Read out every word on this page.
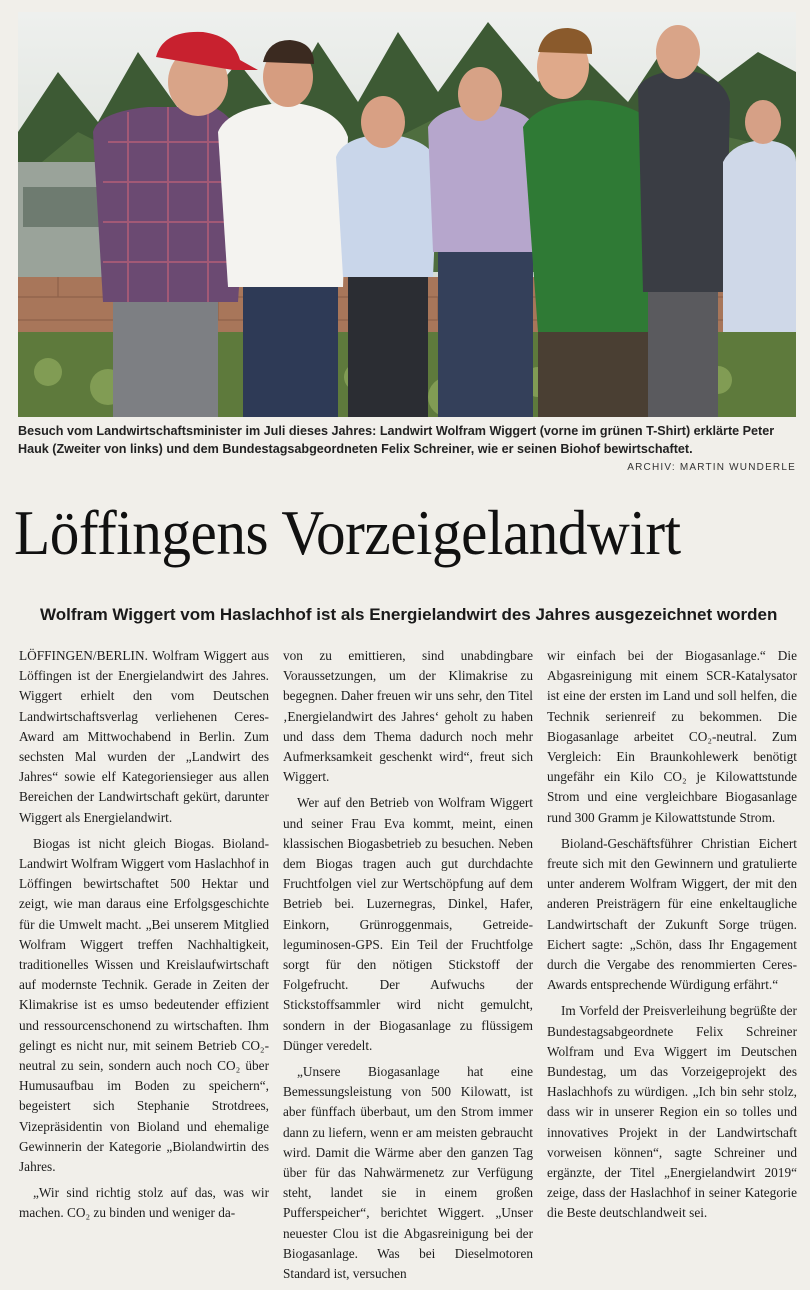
Besuch vom Landwirtschaftsminister im Juli dieses Jahres: Landwirt Wolfram Wiggert (vorne im grünen T-Shirt) erklärte Peter Hauk (Zweiter von links) und dem Bundestagsabgeordneten Felix Schreiner, wie er seinen Biohof bewirtschaftet.
ARCHIV: MARTIN WUNDERLE
Löffingens Vorzeigelandwirt
Wolfram Wiggert vom Haslachhof ist als Energielandwirt des Jahres ausgezeichnet worden

LÖFFINGEN/BERLIN. Wolfram Wiggert aus Löffingen ist der Energielandwirt des Jahres. Wiggert erhielt den vom Deutschen Landwirtschaftsverlag verliehenen Ceres-Award am Mittwochabend in Berlin. Zum sechsten Mal wurden der „Landwirt des Jahres“ sowie elf Kategoriensieger aus allen Bereichen der Landwirtschaft gekürt, darunter Wiggert als Energielandwirt.

Biogas ist nicht gleich Biogas. Bioland-Landwirt Wolfram Wiggert vom Haslachhof in Löffingen bewirtschaftet 500 Hektar und zeigt, wie man daraus eine Erfolgsgeschichte für die Umwelt macht. „Bei unserem Mitglied Wolfram Wiggert treffen Nachhaltigkeit, traditionelles Wissen und Kreislaufwirtschaft auf modernste Technik. Gerade in Zeiten der Klimakrise ist es umso bedeutender effizient und ressourcenschonend zu wirtschaften. Ihm gelingt es nicht nur, mit seinem Betrieb CO₂-neutral zu sein, sondern auch noch CO₂ über Humusaufbau im Boden zu speichern“, begeistert sich Stephanie Strotdrees, Vizepräsidentin von Bioland und ehemalige Gewinnerin der Kategorie „Biolandwirtin des Jahres.

„Wir sind richtig stolz auf das, was wir machen. CO₂ zu binden und weniger da-

von zu emittieren, sind unabdingbare Voraussetzungen, um der Klimakrise zu begegnen. Daher freuen wir uns sehr, den Titel ‚Energielandwirt des Jahres‘ geholt zu haben und dass dem Thema dadurch noch mehr Aufmerksamkeit geschenkt wird“, freut sich Wiggert.

Wer auf den Betrieb von Wolfram Wiggert und seiner Frau Eva kommt, meint, einen klassischen Biogasbetrieb zu besuchen. Neben dem Biogas tragen auch gut durchdachte Fruchtfolgen viel zur Wertschöpfung auf dem Betrieb bei. Luzernegras, Dinkel, Hafer, Einkorn, Grünroggenmais, Getreide-leguminosen-GPS. Ein Teil der Fruchtfolge sorgt für den nötigen Stickstoff der Folgefrucht. Der Aufwuchs der Stickstoffsammler wird nicht gemulcht, sondern in der Biogasanlage zu flüssigem Dünger veredelt.

„Unsere Biogasanlage hat eine Bemessungsleistung von 500 Kilowatt, ist aber fünffach überbaut, um den Strom immer dann zu liefern, wenn er am meisten gebraucht wird. Damit die Wärme aber den ganzen Tag über für das Nahwärmenetz zur Verfügung steht, landet sie in einem großen Pufferspeicher“, berichtet Wiggert. „Unser neuester Clou ist die Abgasreinigung bei der Biogasanlage. Was bei Dieselmotoren Standard ist, versuchen

wir einfach bei der Biogasanlage.“ Die Abgasreinigung mit einem SCR-Katalysator ist eine der ersten im Land und soll helfen, die Technik serienreif zu bekommen. Die Biogasanlage arbeitet CO₂-neutral. Zum Vergleich: Ein Braunkohlewerk benötigt ungefähr ein Kilo CO₂ je Kilowattstunde Strom und eine vergleichbare Biogasanlage rund 300 Gramm je Kilowattstunde Strom.

Bioland-Geschäftsführer Christian Eichert freute sich mit den Gewinnern und gratulierte unter anderem Wolfram Wiggert, der mit den anderen Preisträgern für eine enkeltaugliche Landwirtschaft der Zukunft Sorge trügen. Eichert sagte: „Schön, dass Ihr Engagement durch die Vergabe des renommierten Ceres-Awards entsprechende Würdigung erfährt.“

Im Vorfeld der Preisverleihung begrüßte der Bundestagsabgeordnete Felix Schreiner Wolfram und Eva Wiggert im Deutschen Bundestag, um das Vorzeigeprojekt des Haslachhofs zu würdigen. „Ich bin sehr stolz, dass wir in unserer Region ein so tolles und innovatives Projekt in der Landwirtschaft vorweisen können“, sagte Schreiner und ergänzte, der Titel „Energielandwirt 2019“ zeige, dass der Haslachhof in seiner Kategorie die Beste deutschlandweit sei.
